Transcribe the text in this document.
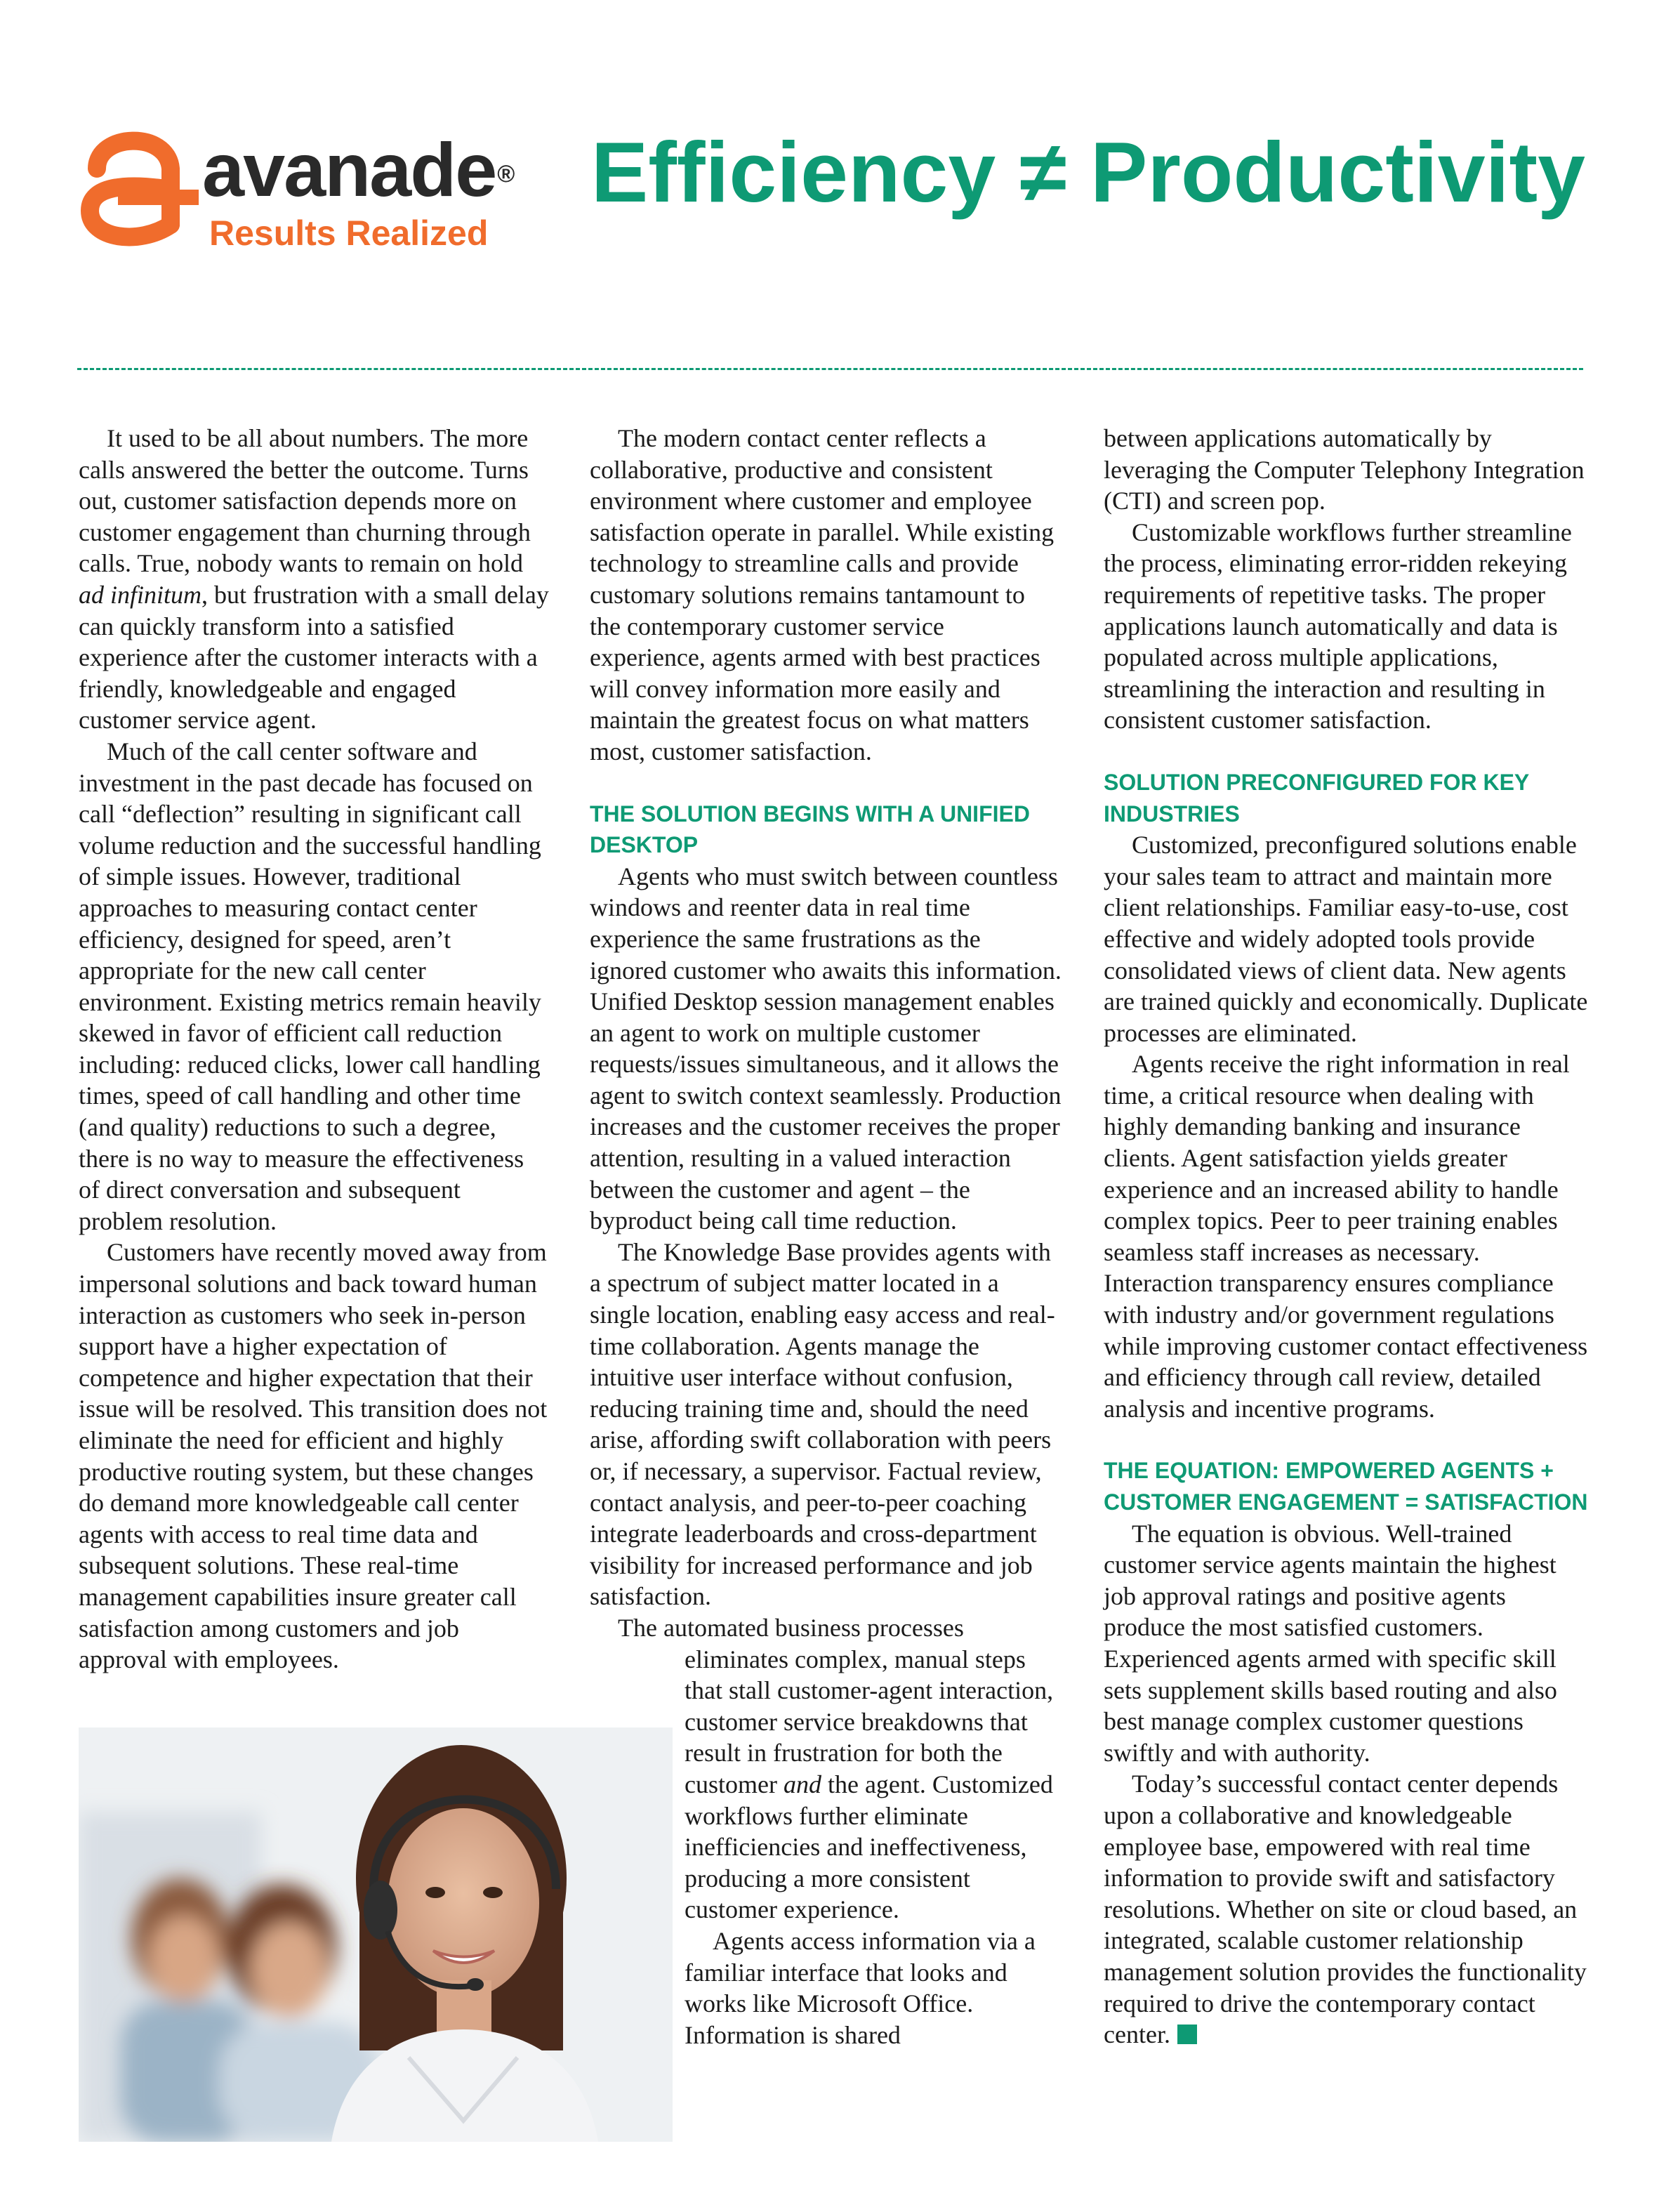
avanade®
Results Realized
Efficiency ≠ Productivity

It used to be all about numbers. The more calls answered the better the outcome. Turns out, customer satisfaction depends more on customer engagement than churning through calls. True, nobody wants to remain on hold ad infinitum, but frustration with a small delay can quickly transform into a satisfied experience after the customer interacts with a friendly, knowledgeable and engaged customer service agent.

Much of the call center software and investment in the past decade has focused on call “deflection” resulting in significant call volume reduction and the successful handling of simple issues. However, traditional approaches to measuring contact center efficiency, designed for speed, aren’t appropriate for the new call center environment. Existing metrics remain heavily skewed in favor of efficient call reduction including: reduced clicks, lower call handling times, speed of call handling and other time (and quality) reductions to such a degree, there is no way to measure the effectiveness of direct conversation and subsequent problem resolution.

Customers have recently moved away from impersonal solutions and back toward human interaction as customers who seek in-person support have a higher expectation of competence and higher expectation that their issue will be resolved. This transition does not eliminate the need for efficient and highly productive routing system, but these changes do demand more knowledgeable call center agents with access to real time data and subsequent solutions. These real-time management capabilities insure greater call satisfaction among customers and job approval with employees.

The modern contact center reflects a collaborative, productive and consistent environment where customer and employee satisfaction operate in parallel. While existing technology to streamline calls and provide customary solutions remains tantamount to the contemporary customer service experience, agents armed with best practices will convey information more easily and maintain the greatest focus on what matters most, customer satisfaction.

THE SOLUTION BEGINS WITH A UNIFIED DESKTOP

Agents who must switch between countless windows and reenter data in real time experience the same frustrations as the ignored customer who awaits this information. Unified Desktop session management enables an agent to work on multiple customer requests/issues simultaneous, and it allows the agent to switch context seamlessly. Production increases and the customer receives the proper attention, resulting in a valued interaction between the customer and agent – the byproduct being call time reduction.

The Knowledge Base provides agents with a spectrum of subject matter located in a single location, enabling easy access and real-time collaboration. Agents manage the intuitive user interface without confusion, reducing training time and, should the need arise, affording swift collaboration with peers or, if necessary, a supervisor. Factual review, contact analysis, and peer-to-peer coaching integrate leaderboards and cross-department visibility for increased performance and job satisfaction.

The automated business processes

eliminates complex, manual steps that stall customer-agent interaction, customer service breakdowns that result in frustration for both the customer and the agent. Customized workflows further eliminate inefficiencies and ineffectiveness, producing a more consistent customer experience.

Agents access information via a familiar interface that looks and works like Microsoft Office. Information is shared

between applications automatically by leveraging the Computer Telephony Integration (CTI) and screen pop.

Customizable workflows further streamline the process, eliminating error-ridden rekeying requirements of repetitive tasks. The proper applications launch automatically and data is populated across multiple applications, streamlining the interaction and resulting in consistent customer satisfaction.

SOLUTION PRECONFIGURED FOR KEY INDUSTRIES

Customized, preconfigured solutions enable your sales team to attract and maintain more client relationships. Familiar easy-to-use, cost effective and widely adopted tools provide consolidated views of client data. New agents are trained quickly and economically. Duplicate processes are eliminated.

Agents receive the right information in real time, a critical resource when dealing with highly demanding banking and insurance clients. Agent satisfaction yields greater experience and an increased ability to handle complex topics. Peer to peer training enables seamless staff increases as necessary. Interaction transparency ensures compliance with industry and/or government regulations while improving customer contact effectiveness and efficiency through call review, detailed analysis and incentive programs.

THE EQUATION: EMPOWERED AGENTS + CUSTOMER ENGAGEMENT = SATISFACTION

The equation is obvious. Well-trained customer service agents maintain the highest job approval ratings and positive agents produce the most satisfied customers. Experienced agents armed with specific skill sets supplement skills based routing and also best manage complex customer questions swiftly and with authority.

Today’s successful contact center depends upon a collaborative and knowledgeable employee base, empowered with real time information to provide swift and satisfactory resolutions. Whether on site or cloud based, an integrated, scalable customer relationship management solution provides the functionality required to drive the contemporary contact center.
